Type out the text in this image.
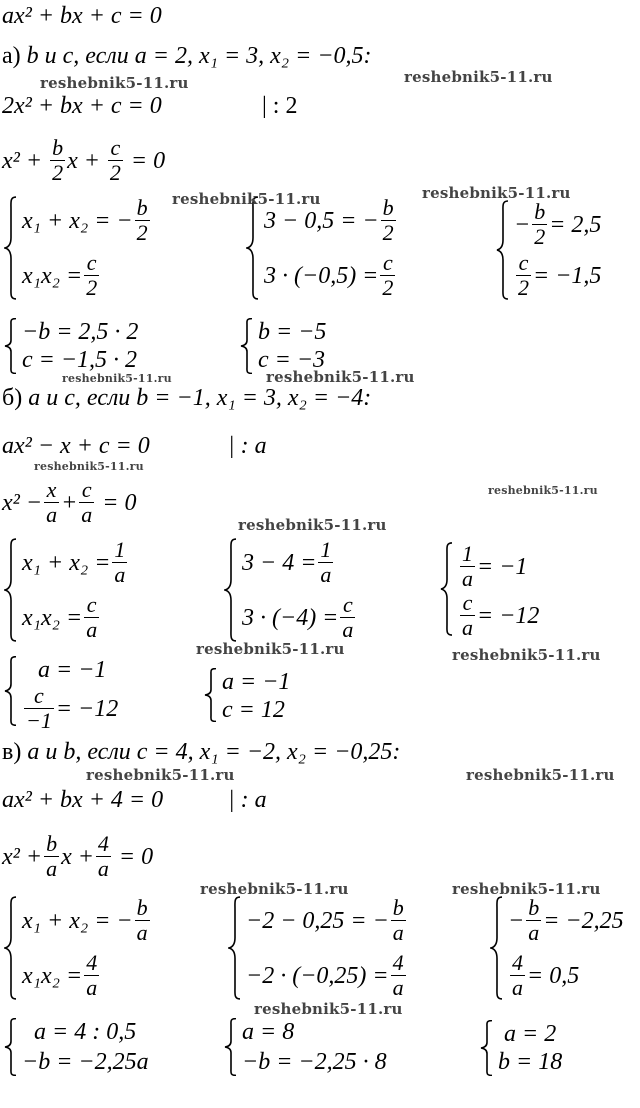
ax² + bx + c = 0
а) b и c, если a = 2, x₁ = 3, x₂ = −0,5:
2x² + bx + c = 0	| : 2
x²
+
$\frac{b}{2}$ x
+
$\frac{c}{2}$
= 0
x₁ + x₂ = − $\frac{b}{2}$
$x_1x_2 = \frac{c}{2}$
3 − 0,5 = − $\frac{b}{2}$
$3 \cdot (-0,5) = \frac{c}{2}$
− $\frac{b}{2} = 2,5$
$\frac{c}{2} = -1,5$
−b = 2,5 · 2
c = −1,5 · 2
b = −5
c = −3
б) a и c, если b = −1, x₁ = 3, x₂ = −4:
ax² − x + c = 0	| : a
x²
− $\frac{x}{a} + \frac{c}{a}$
= 0
$x_1 + x_2 = \frac{1}{a}$
$x_1x_2 = \frac{c}{a}$
$3 - 4 = \frac{1}{a}$
$3 \cdot (-4) = \frac{c}{a}$
$\frac{1}{a} = -1$
$\frac{c}{a} = -12$
a = −1
$\frac{c}{-1} = -12$
a = −1
c = 12
в) a и b, если c = 4, x₁ = −2, x₂ = −0,25:
ax² + bx + 4 = 0	| : a
x²
+ $\frac{b}{a}$ x
+ $\frac{4}{a}$
= 0
x₁ + x₂ = − $\frac{b}{a}$
$x_1x_2 = \frac{4}{a}$
−2 − 0,25 = − $\frac{b}{a}$
$-2 \cdot (-0,25) = \frac{4}{a}$
− $\frac{b}{a} = -2,25$
$\frac{4}{a} = 0,5$
a = 4 : 0,5
−b = −2,25a
a = 8
−b = −2,25 · 8
a = 2
b = 18
reshebnik5-11.ru	reshebnik5-11.ru
reshebnik5-11.ru	reshebnik5-11.ru
reshebnik5-11.ru	reshebnik5-11.ru
reshebnik5-11.ru
reshebnik5-11.ru
reshebnik5-11.ru
reshebnik5-11.ru	reshebnik5-11.ru
reshebnik5-11.ru	reshebnik5-11.ru
reshebnik5-11.ru	reshebnik5-11.ru
reshebnik5-11.ru
